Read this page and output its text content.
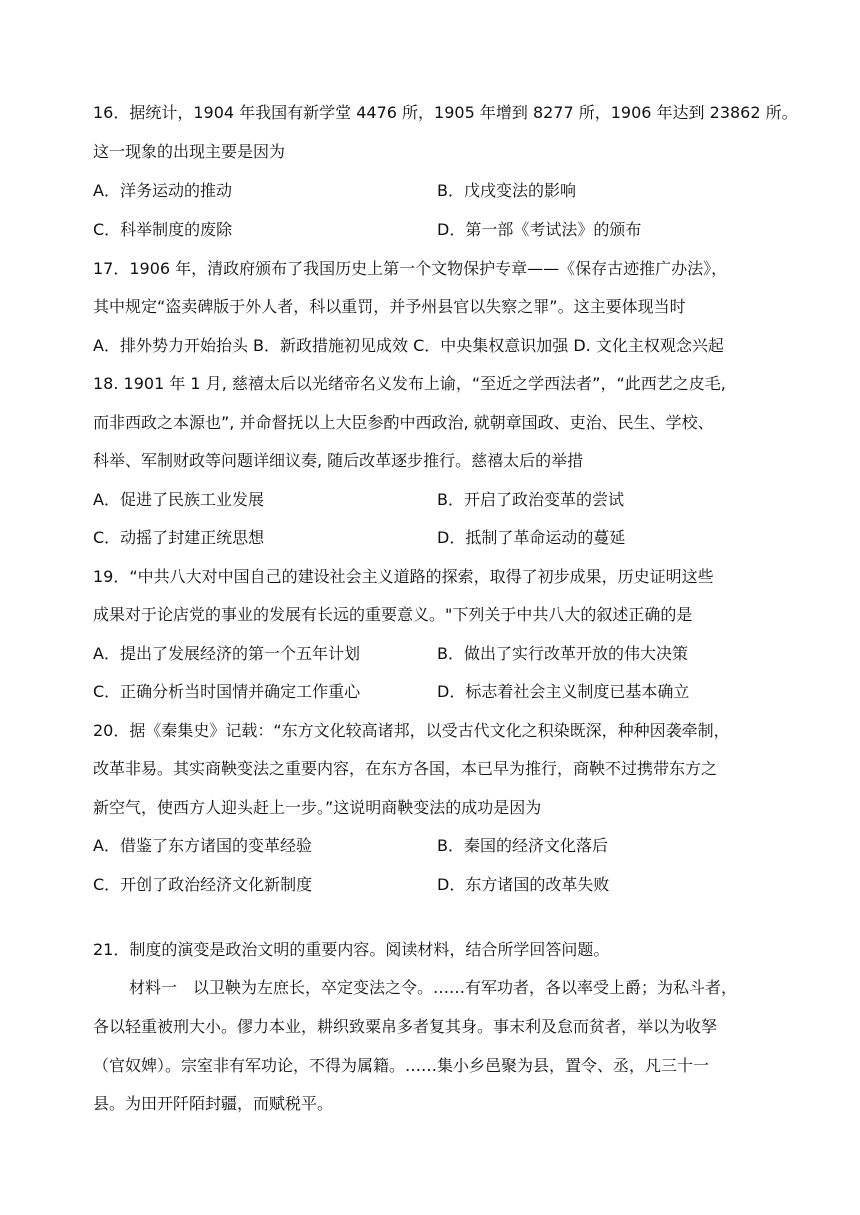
16．据统计，1904 年我国有新学堂 4476 所，1905 年增到 8277 所，1906 年达到 23862 所。
这一现象的出现主要是因为
A．洋务运动的推动	B．戊戌变法的影响
C．科举制度的废除	D．第一部《考试法》的颁布
17．1906 年，清政府颁布了我国历史上第一个文物保护专章——《保存古迹推广办法》，
其中规定“盗卖碑版于外人者，科以重罚，并予州县官以失察之罪”。这主要体现当时
A．排外势力开始抬头 B．新政措施初见成效 C．中央集权意识加强 D. 文化主权观念兴起
18. 1901 年 1 月, 慈禧太后以光绪帝名义发布上谕，“至近之学西法者”，“此西艺之皮毛,
而非西政之本源也”, 并命督抚以上大臣参酌中西政治, 就朝章国政、吏治、民生、学校、
科举、军制财政等问题详细议奏, 随后改革逐步推行。慈禧太后的举措
A．促进了民族工业发展	B．开启了政治变革的尝试
C．动摇了封建正统思想	D．抵制了革命运动的蔓延
19．“中共八大对中国自己的建设社会主义道路的探索，取得了初步成果，历史证明这些
成果对于论店党的事业的发展有长远的重要意义。"下列关于中共八大的叙述正确的是
A．提出了发展经济的第一个五年计划	B．做出了实行改革开放的伟大决策
C．正确分析当时国情并确定工作重心	D．标志着社会主义制度已基本确立
20．据《秦集史》记载：“东方文化较高诸邦，以受古代文化之积染既深，种种因袭牵制，
改革非易。其实商鞅变法之重要内容，在东方各国，本已早为推行，商鞅不过携带东方之
新空气，使西方人迎头赶上一步。”这说明商鞅变法的成功是因为
A．借鉴了东方诸国的变革经验	B．秦国的经济文化落后
C．开创了政治经济文化新制度	D．东方诸国的改革失败
21．制度的演变是政治文明的重要内容。阅读材料，结合所学回答问题。
材料一　以卫鞅为左庶长，卒定变法之令。……有军功者，各以率受上爵；为私斗者，
各以轻重被刑大小。僇力本业，耕织致粟帛多者复其身。事末利及怠而贫者，举以为收孥
（官奴婢）。宗室非有军功论，不得为属籍。……集小乡邑聚为县，置令、丞，凡三十一
县。为田开阡陌封疆，而赋税平。
